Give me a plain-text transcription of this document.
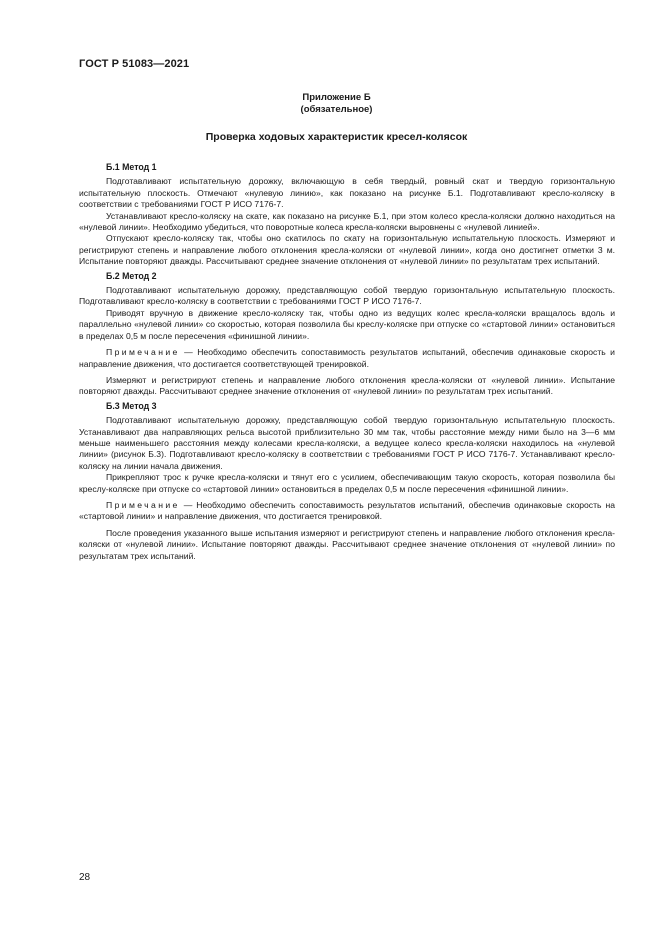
ГОСТ Р 51083—2021
Приложение Б
(обязательное)
Проверка ходовых характеристик кресел-колясок
Б.1 Метод 1

Подготавливают испытательную дорожку, включающую в себя твердый, ровный скат и твердую горизонтальную испытательную плоскость. Отмечают «нулевую линию», как показано на рисунке Б.1. Подготавливают кресло-коляску в соответствии с требованиями ГОСТ Р ИСО 7176-7.

Устанавливают кресло-коляску на скате, как показано на рисунке Б.1, при этом колесо кресла-коляски должно находиться на «нулевой линии». Необходимо убедиться, что поворотные колеса кресла-коляски выровнены с «нулевой линией».

Отпускают кресло-коляску так, чтобы оно скатилось по скату на горизонтальную испытательную плоскость. Измеряют и регистрируют степень и направление любого отклонения кресла-коляски от «нулевой линии», когда оно достигнет отметки 3 м. Испытание повторяют дважды. Рассчитывают среднее значение отклонения от «нулевой линии» по результатам трех испытаний.

Б.2 Метод 2

Подготавливают испытательную дорожку, представляющую собой твердую горизонтальную испытательную плоскость. Подготавливают кресло-коляску в соответствии с требованиями ГОСТ Р ИСО 7176-7.

Приводят вручную в движение кресло-коляску так, чтобы одно из ведущих колес кресла-коляски вращалось вдоль и параллельно «нулевой линии» со скоростью, которая позволила бы креслу-коляске при отпуске со «стартовой линии» остановиться в пределах 0,5 м после пересечения «финишной линии».

Примечание — Необходимо обеспечить сопоставимость результатов испытаний, обеспечив одинаковые скорость и направление движения, что достигается соответствующей тренировкой.

Измеряют и регистрируют степень и направление любого отклонения кресла-коляски от «нулевой линии». Испытание повторяют дважды. Рассчитывают среднее значение отклонения от «нулевой линии» по результатам трех испытаний.

Б.3 Метод 3

Подготавливают испытательную дорожку, представляющую собой твердую горизонтальную испытательную плоскость. Устанавливают два направляющих рельса высотой приблизительно 30 мм так, чтобы расстояние между ними было на 3—6 мм меньше наименьшего расстояния между колесами кресла-коляски, а ведущее колесо кресла-коляски находилось на «нулевой линии» (рисунок Б.3). Подготавливают кресло-коляску в соответствии с требованиями ГОСТ Р ИСО 7176-7. Устанавливают кресло-коляску на линии начала движения.

Прикрепляют трос к ручке кресла-коляски и тянут его с усилием, обеспечивающим такую скорость, которая позволила бы креслу-коляске при отпуске со «стартовой линии» остановиться в пределах 0,5 м после пересечения «финишной линии».

Примечание — Необходимо обеспечить сопоставимость результатов испытаний, обеспечив одинаковые скорость на «стартовой линии» и направление движения, что достигается тренировкой.

После проведения указанного выше испытания измеряют и регистрируют степень и направление любого отклонения кресла-коляски от «нулевой линии». Испытание повторяют дважды. Рассчитывают среднее значение отклонения от «нулевой линии» по результатам трех испытаний.

28
